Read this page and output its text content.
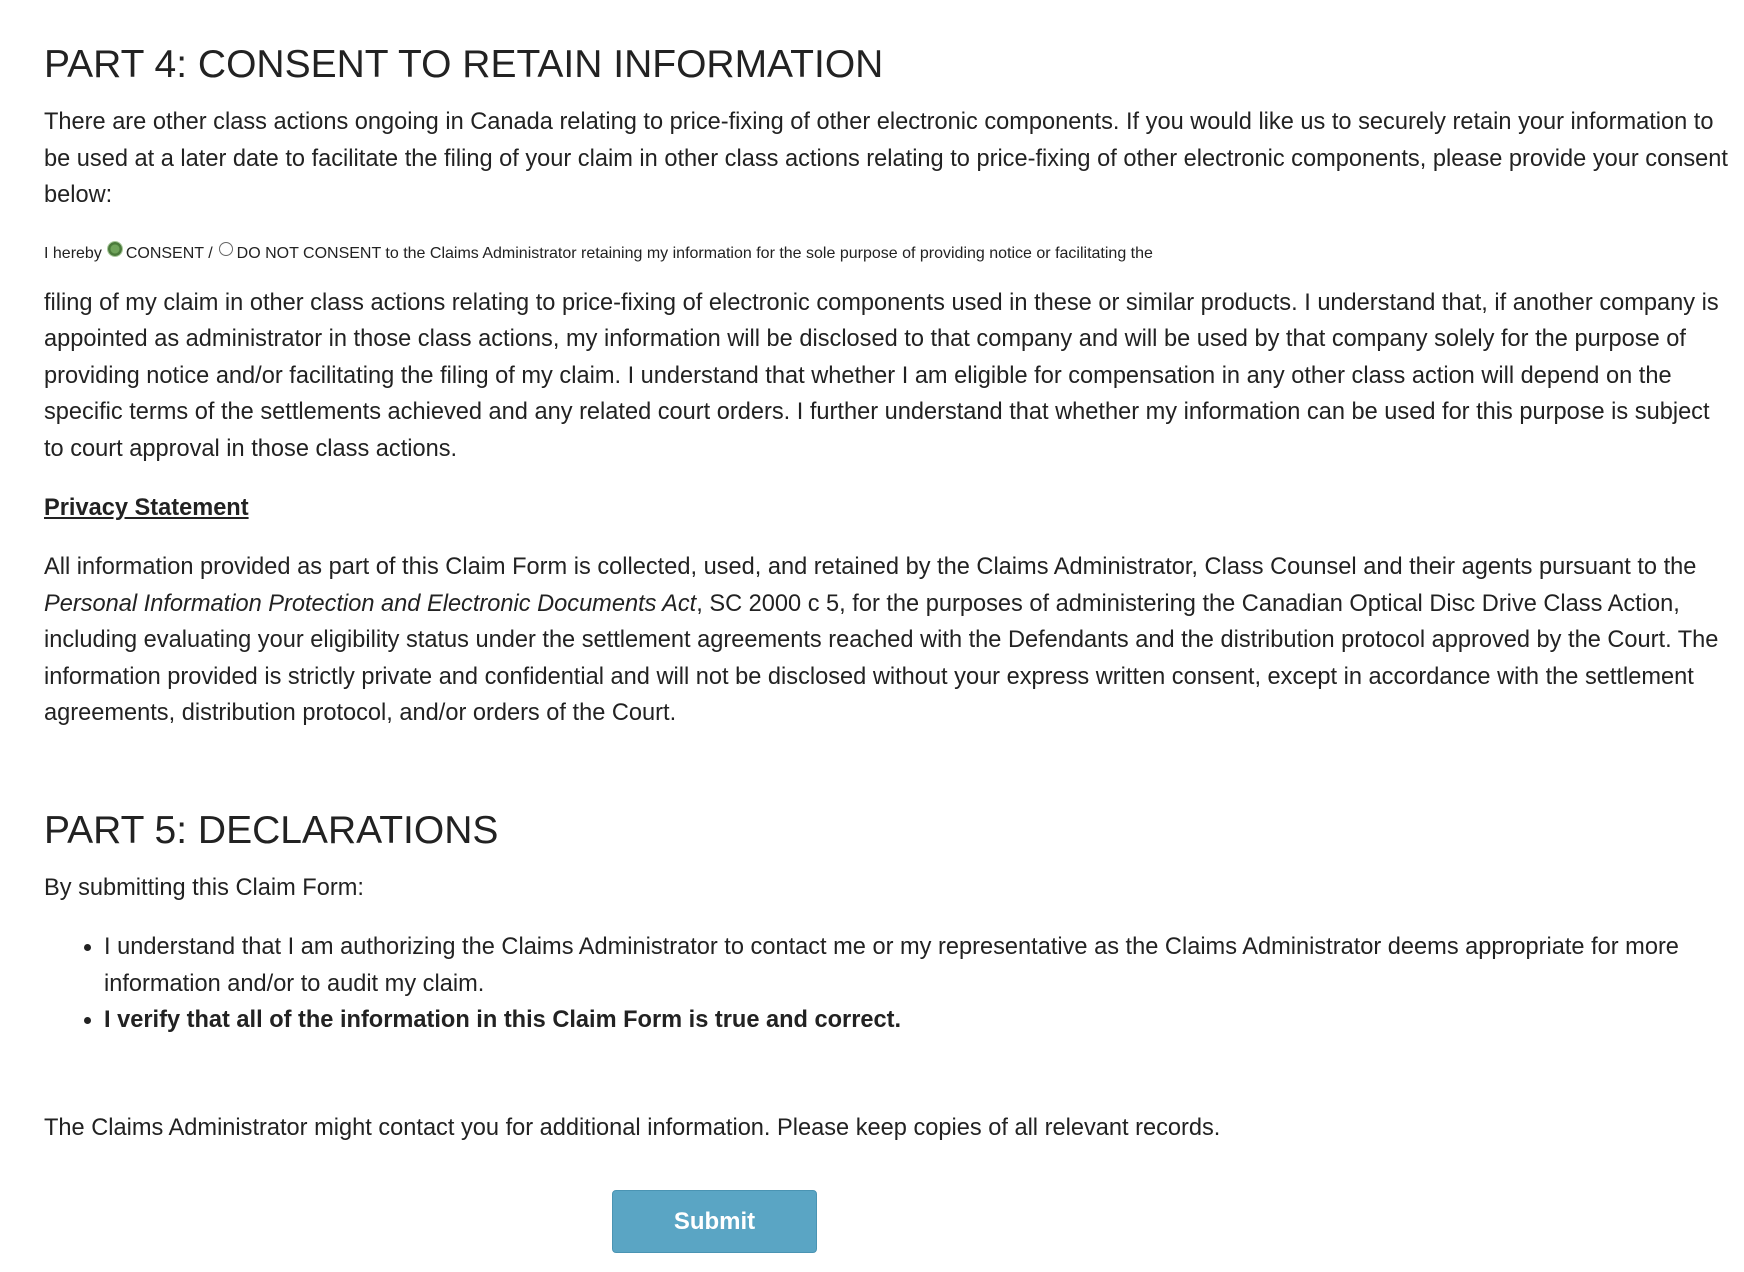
PART 4: CONSENT TO RETAIN INFORMATION

There are other class actions ongoing in Canada relating to price-fixing of other electronic components. If you would like us to securely retain your information to be used at a later date to facilitate the filing of your claim in other class actions relating to price-fixing of other electronic components, please provide your consent below:

I hereby CONSENT / DO NOT CONSENT to the Claims Administrator retaining my information for the sole purpose of providing notice or facilitating the

filing of my claim in other class actions relating to price-fixing of electronic components used in these or similar products. I understand that, if another company is appointed as administrator in those class actions, my information will be disclosed to that company and will be used by that company solely for the purpose of providing notice and/or facilitating the filing of my claim. I understand that whether I am eligible for compensation in any other class action will depend on the specific terms of the settlements achieved and any related court orders. I further understand that whether my information can be used for this purpose is subject to court approval in those class actions.

Privacy Statement

All information provided as part of this Claim Form is collected, used, and retained by the Claims Administrator, Class Counsel and their agents pursuant to the Personal Information Protection and Electronic Documents Act, SC 2000 c 5, for the purposes of administering the Canadian Optical Disc Drive Class Action, including evaluating your eligibility status under the settlement agreements reached with the Defendants and the distribution protocol approved by the Court. The information provided is strictly private and confidential and will not be disclosed without your express written consent, except in accordance with the settlement agreements, distribution protocol, and/or orders of the Court.

PART 5: DECLARATIONS

By submitting this Claim Form:

• I understand that I am authorizing the Claims Administrator to contact me or my representative as the Claims Administrator deems appropriate for more information and/or to audit my claim.
• I verify that all of the information in this Claim Form is true and correct.

The Claims Administrator might contact you for additional information. Please keep copies of all relevant records.

Submit
